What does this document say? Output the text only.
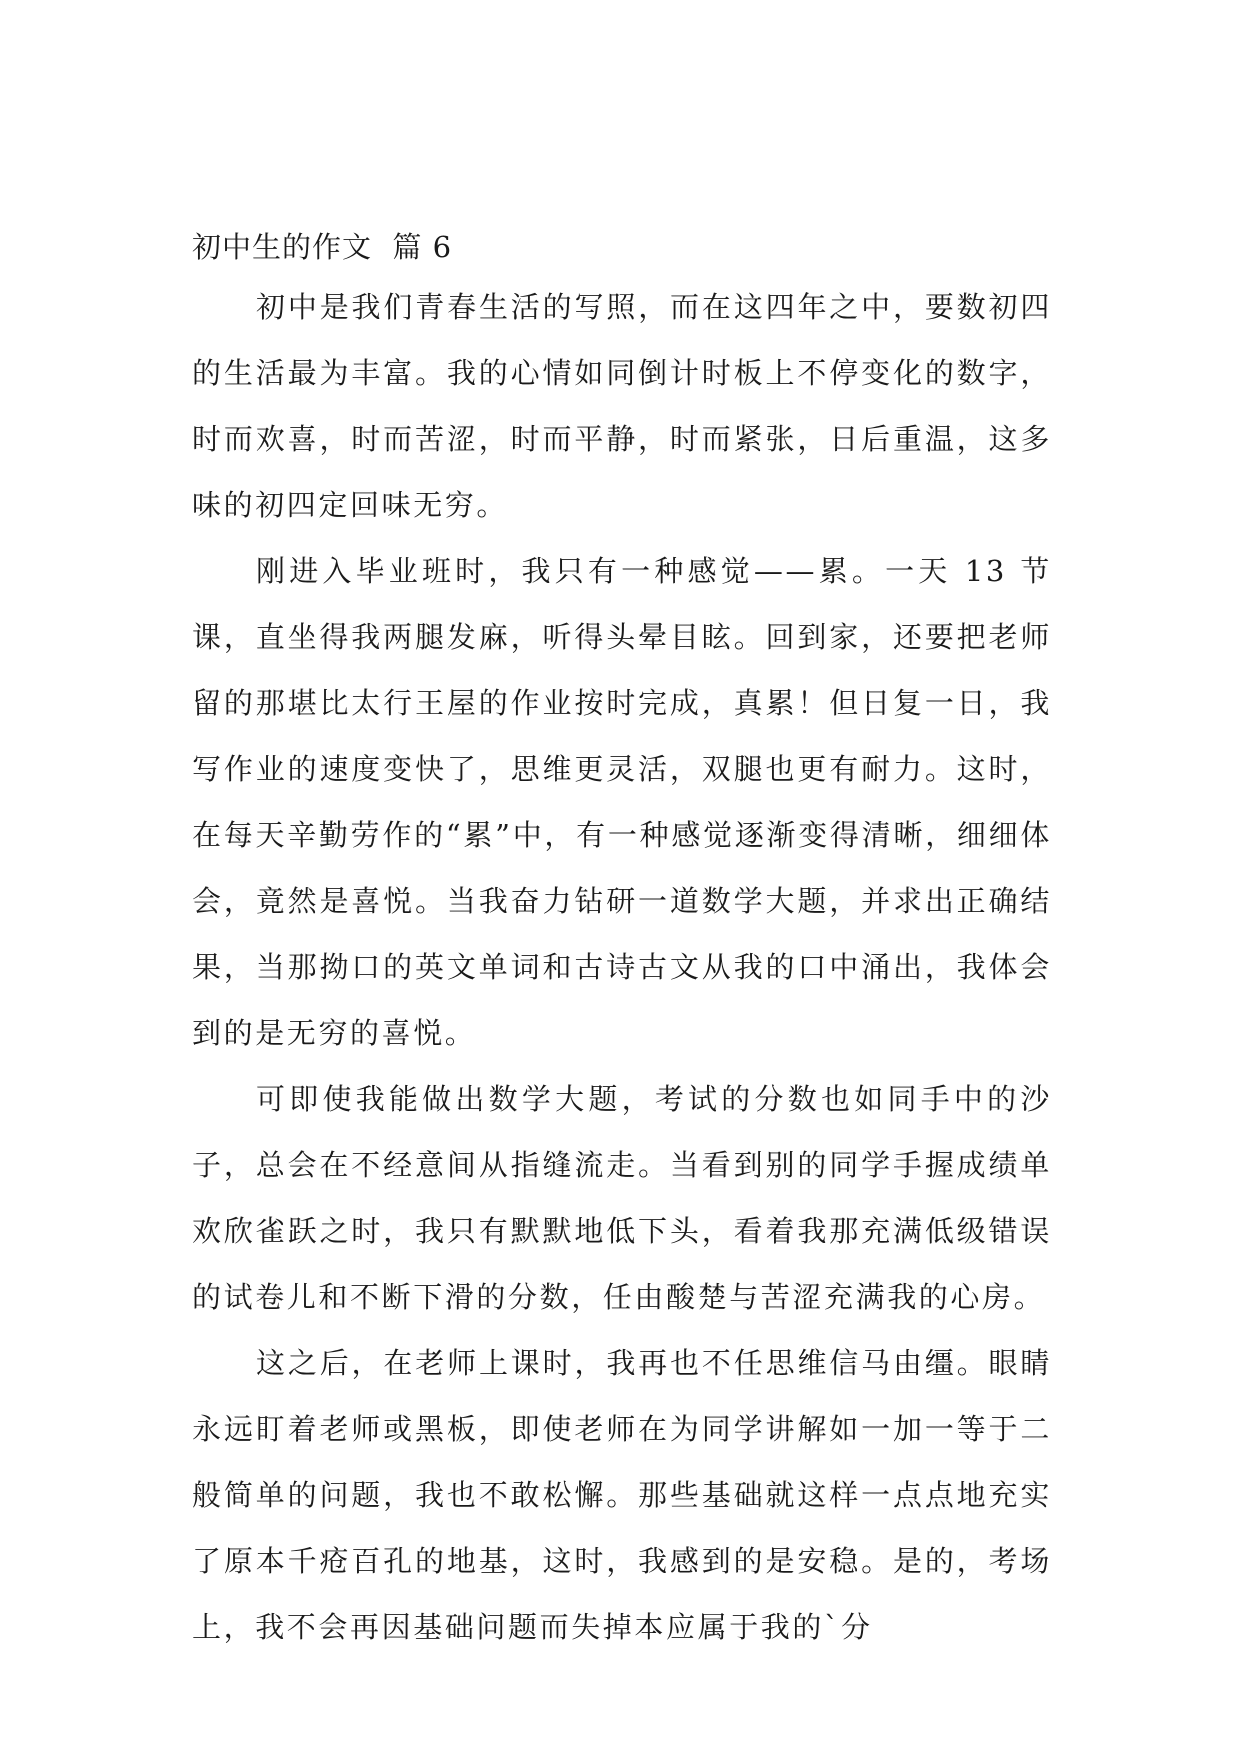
初中生的作文  篇 6

初中是我们青春生活的写照，而在这四年之中，要数初四的生活最为丰富。我的心情如同倒计时板上不停变化的数字，时而欢喜，时而苦涩，时而平静，时而紧张，日后重温，这多味的初四定回味无穷。

刚进入毕业班时，我只有一种感觉——累。一天 13 节课，直坐得我两腿发麻，听得头晕目眩。回到家，还要把老师留的那堪比太行王屋的作业按时完成，真累！但日复一日，我写作业的速度变快了，思维更灵活，双腿也更有耐力。这时，在每天辛勤劳作的“累”中，有一种感觉逐渐变得清晰，细细体会，竟然是喜悦。当我奋力钻研一道数学大题，并求出正确结果，当那拗口的英文单词和古诗古文从我的口中涌出，我体会到的是无穷的喜悦。

可即使我能做出数学大题，考试的分数也如同手中的沙子，总会在不经意间从指缝流走。当看到别的同学手握成绩单欢欣雀跃之时，我只有默默地低下头，看着我那充满低级错误的试卷儿和不断下滑的分数，任由酸楚与苦涩充满我的心房。

这之后，在老师上课时，我再也不任思维信马由缰。眼睛永远盯着老师或黑板，即使老师在为同学讲解如一加一等于二般简单的问题，我也不敢松懈。那些基础就这样一点点地充实了原本千疮百孔的地基，这时，我感到的是安稳。是的，考场上，我不会再因基础问题而失掉本应属于我的`分
